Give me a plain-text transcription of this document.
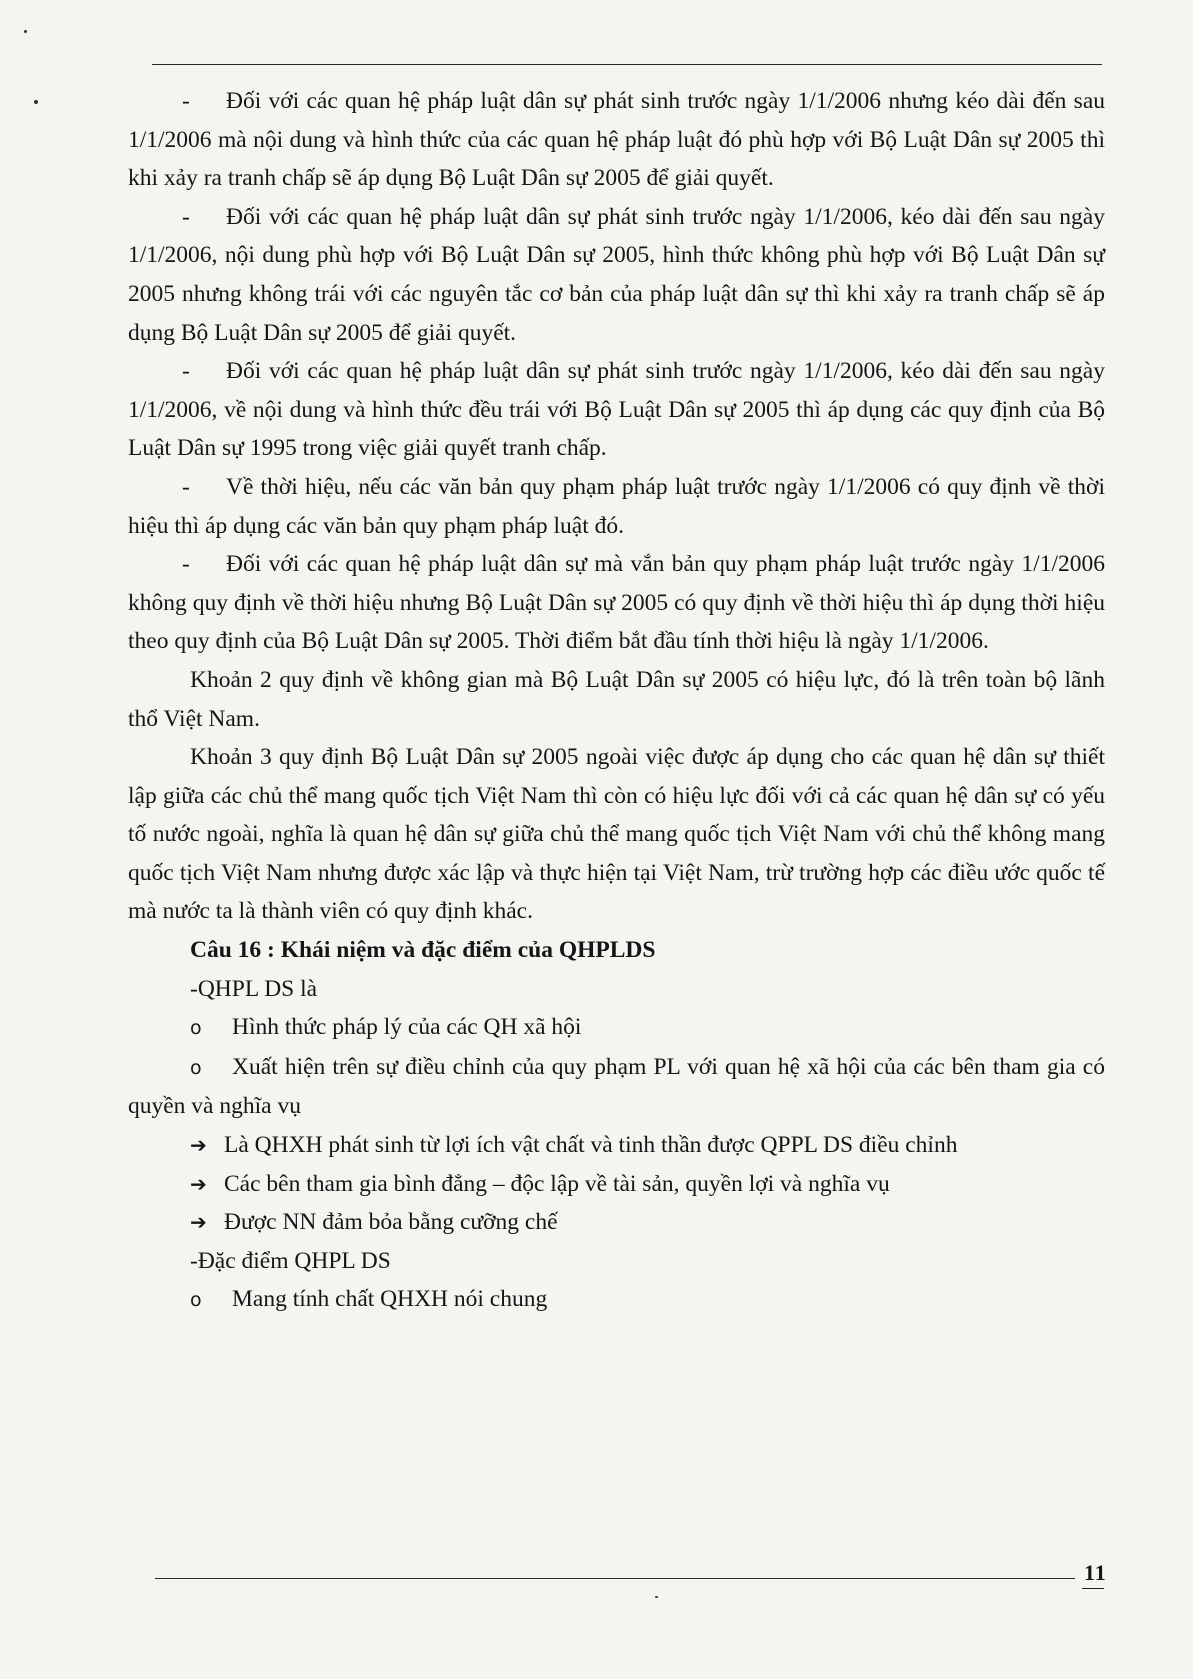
- Đối với các quan hệ pháp luật dân sự phát sinh trước ngày 1/1/2006 nhưng kéo dài đến sau 1/1/2006 mà nội dung và hình thức của các quan hệ pháp luật đó phù hợp với Bộ Luật Dân sự 2005 thì khi xảy ra tranh chấp sẽ áp dụng Bộ Luật Dân sự 2005 để giải quyết.

- Đối với các quan hệ pháp luật dân sự phát sinh trước ngày 1/1/2006, kéo dài đến sau ngày 1/1/2006, nội dung phù hợp với Bộ Luật Dân sự 2005, hình thức không phù hợp với Bộ Luật Dân sự 2005 nhưng không trái với các nguyên tắc cơ bản của pháp luật dân sự thì khi xảy ra tranh chấp sẽ áp dụng Bộ Luật Dân sự 2005 để giải quyết.

- Đối với các quan hệ pháp luật dân sự phát sinh trước ngày 1/1/2006, kéo dài đến sau ngày 1/1/2006, về nội dung và hình thức đều trái với Bộ Luật Dân sự 2005 thì áp dụng các quy định của Bộ Luật Dân sự 1995 trong việc giải quyết tranh chấp.

- Về thời hiệu, nếu các văn bản quy phạm pháp luật trước ngày 1/1/2006 có quy định về thời hiệu thì áp dụng các văn bản quy phạm pháp luật đó.

- Đối với các quan hệ pháp luật dân sự mà vắn bản quy phạm pháp luật trước ngày 1/1/2006 không quy định về thời hiệu nhưng Bộ Luật Dân sự 2005 có quy định về thời hiệu thì áp dụng thời hiệu theo quy định của Bộ Luật Dân sự 2005. Thời điểm bắt đầu tính thời hiệu là ngày 1/1/2006.

Khoản 2 quy định về không gian mà Bộ Luật Dân sự 2005 có hiệu lực, đó là trên toàn bộ lãnh thổ Việt Nam.

Khoản 3 quy định Bộ Luật Dân sự 2005 ngoài việc được áp dụng cho các quan hệ dân sự thiết lập giữa các chủ thể mang quốc tịch Việt Nam thì còn có hiệu lực đối với cả các quan hệ dân sự có yếu tố nước ngoài, nghĩa là quan hệ dân sự giữa chủ thể mang quốc tịch Việt Nam với chủ thể không mang quốc tịch Việt Nam nhưng được xác lập và thực hiện tại Việt Nam, trừ trường hợp các điều ước quốc tế mà nước ta là thành viên có quy định khác.

Câu 16 : Khái niệm và đặc điểm của QHPLDS

-QHPL DS là

o Hình thức pháp lý của các QH xã hội

o Xuất hiện trên sự điều chỉnh của quy phạm PL với quan hệ xã hội của các bên tham gia có quyền và nghĩa vụ

➔ Là QHXH phát sinh từ lợi ích vật chất và tinh thần được QPPL DS điều chỉnh

➔ Các bên tham gia bình đẳng – độc lập về tài sản, quyền lợi và nghĩa vụ

➔ Được NN đảm bỏa bằng cưỡng chế

-Đặc điểm QHPL DS

o Mang tính chất QHXH nói chung

11
